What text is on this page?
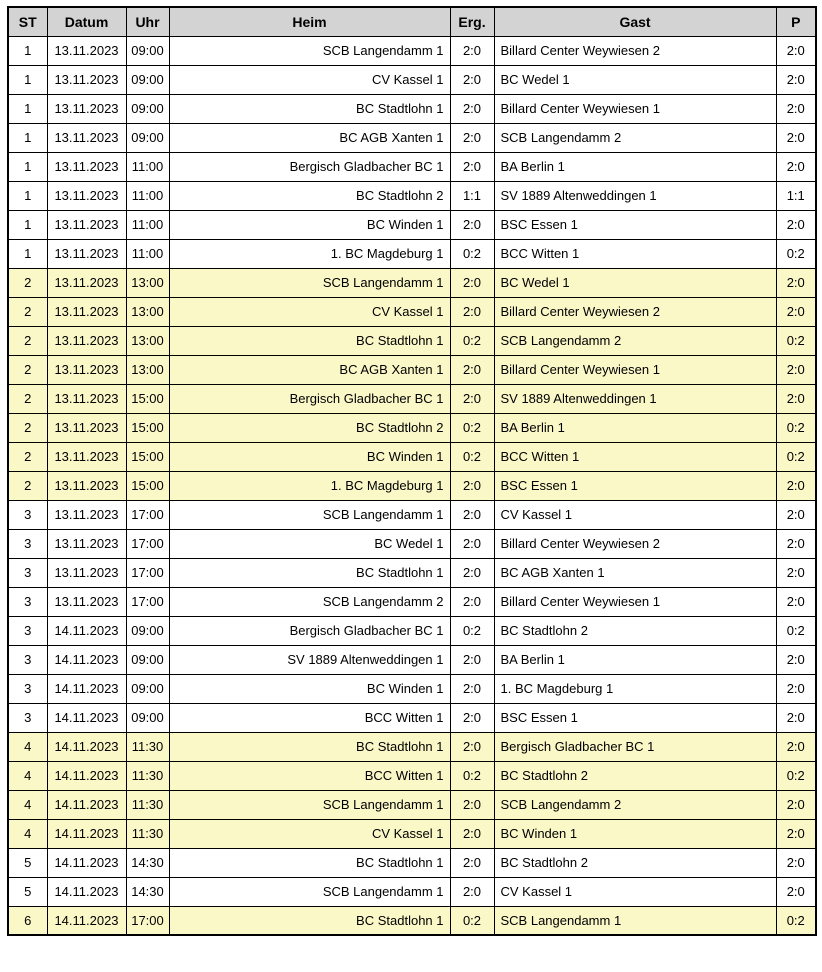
ST	Datum	Uhr	Heim	Erg.	Gast	P
1	13.11.2023	09:00	SCB Langendamm 1	2:0	Billard Center Weywiesen 2	2:0
1	13.11.2023	09:00	CV Kassel 1	2:0	BC Wedel 1	2:0
1	13.11.2023	09:00	BC Stadtlohn 1	2:0	Billard Center Weywiesen 1	2:0
1	13.11.2023	09:00	BC AGB Xanten 1	2:0	SCB Langendamm 2	2:0
1	13.11.2023	11:00	Bergisch Gladbacher BC 1	2:0	BA Berlin 1	2:0
1	13.11.2023	11:00	BC Stadtlohn 2	1:1	SV 1889 Altenweddingen 1	1:1
1	13.11.2023	11:00	BC Winden 1	2:0	BSC Essen 1	2:0
1	13.11.2023	11:00	1. BC Magdeburg 1	0:2	BCC Witten 1	0:2
2	13.11.2023	13:00	SCB Langendamm 1	2:0	BC Wedel 1	2:0
2	13.11.2023	13:00	CV Kassel 1	2:0	Billard Center Weywiesen 2	2:0
2	13.11.2023	13:00	BC Stadtlohn 1	0:2	SCB Langendamm 2	0:2
2	13.11.2023	13:00	BC AGB Xanten 1	2:0	Billard Center Weywiesen 1	2:0
2	13.11.2023	15:00	Bergisch Gladbacher BC 1	2:0	SV 1889 Altenweddingen 1	2:0
2	13.11.2023	15:00	BC Stadtlohn 2	0:2	BA Berlin 1	0:2
2	13.11.2023	15:00	BC Winden 1	0:2	BCC Witten 1	0:2
2	13.11.2023	15:00	1. BC Magdeburg 1	2:0	BSC Essen 1	2:0
3	13.11.2023	17:00	SCB Langendamm 1	2:0	CV Kassel 1	2:0
3	13.11.2023	17:00	BC Wedel 1	2:0	Billard Center Weywiesen 2	2:0
3	13.11.2023	17:00	BC Stadtlohn 1	2:0	BC AGB Xanten 1	2:0
3	13.11.2023	17:00	SCB Langendamm 2	2:0	Billard Center Weywiesen 1	2:0
3	14.11.2023	09:00	Bergisch Gladbacher BC 1	0:2	BC Stadtlohn 2	0:2
3	14.11.2023	09:00	SV 1889 Altenweddingen 1	2:0	BA Berlin 1	2:0
3	14.11.2023	09:00	BC Winden 1	2:0	1. BC Magdeburg 1	2:0
3	14.11.2023	09:00	BCC Witten 1	2:0	BSC Essen 1	2:0
4	14.11.2023	11:30	BC Stadtlohn 1	2:0	Bergisch Gladbacher BC 1	2:0
4	14.11.2023	11:30	BCC Witten 1	0:2	BC Stadtlohn 2	0:2
4	14.11.2023	11:30	SCB Langendamm 1	2:0	SCB Langendamm 2	2:0
4	14.11.2023	11:30	CV Kassel 1	2:0	BC Winden 1	2:0
5	14.11.2023	14:30	BC Stadtlohn 1	2:0	BC Stadtlohn 2	2:0
5	14.11.2023	14:30	SCB Langendamm 1	2:0	CV Kassel 1	2:0
6	14.11.2023	17:00	BC Stadtlohn 1	0:2	SCB Langendamm 1	0:2
